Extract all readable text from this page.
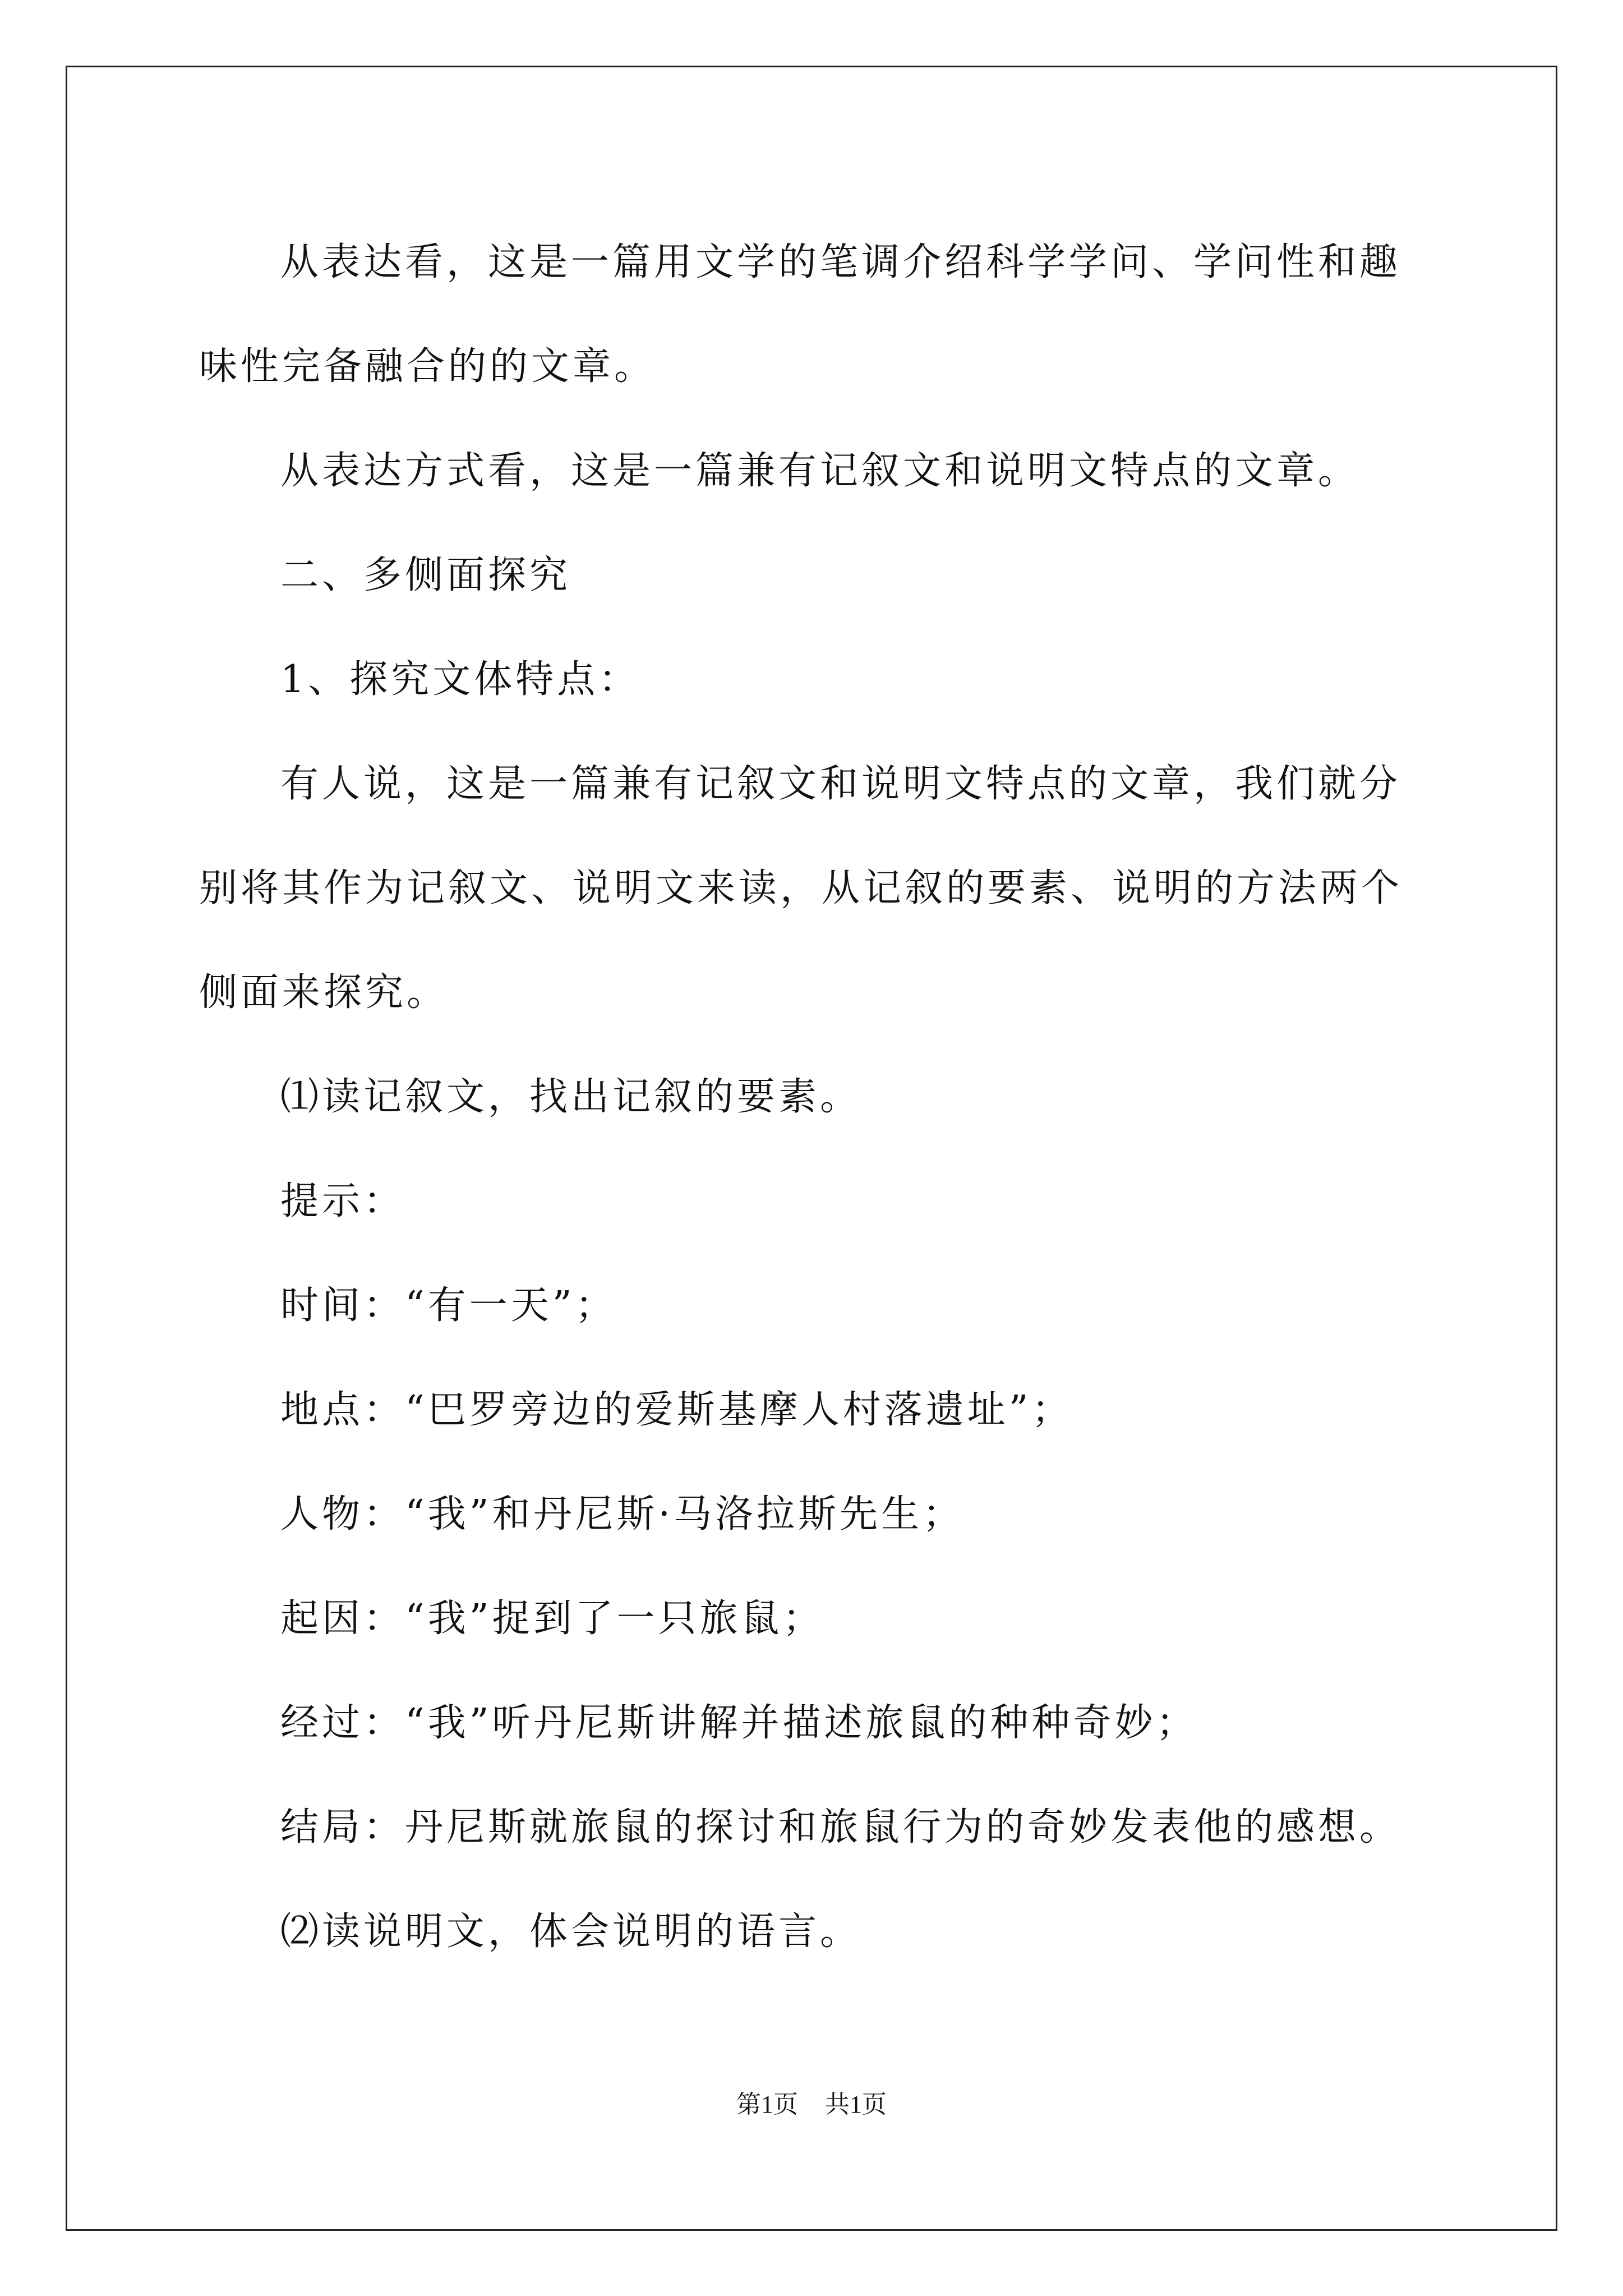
从表达看，这是一篇用文学的笔调介绍科学学问、学问性和趣味性完备融合的的文章。

从表达方式看，这是一篇兼有记叙文和说明文特点的文章。

二、多侧面探究

1、探究文体特点：

有人说，这是一篇兼有记叙文和说明文特点的文章，我们就分别将其作为记叙文、说明文来读，从记叙的要素、说明的方法两个侧面来探究。

⑴读记叙文，找出记叙的要素。

提示：

时间：“有一天”；

地点：“巴罗旁边的爱斯基摩人村落遗址”；

人物：“我”和丹尼斯·马洛拉斯先生；

起因：“我”捉到了一只旅鼠；

经过：“我”听丹尼斯讲解并描述旅鼠的种种奇妙；

结局：丹尼斯就旅鼠的探讨和旅鼠行为的奇妙发表他的感想。

⑵读说明文，体会说明的语言。

第1页 共1页
